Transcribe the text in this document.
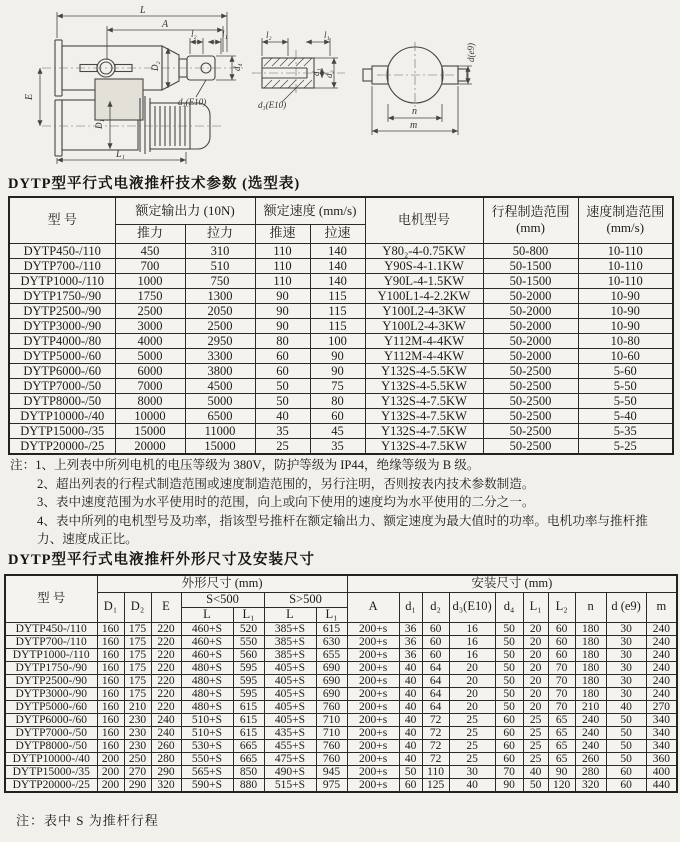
L
A
l₂	l₁
D₂	d₄
d₃(E10)
E
D₁
L₁
l₂	l₁
d₁ d₂
d₃(E10)
n
m
d(e9)
DYTP型平行式电液推杆技术参数 (选型表)
型 号	额定输出力 (10N)		额定速度 (mm/s)		电机型号	行程制造范围 (mm)	速度制造范围 (mm/s)
	推力	拉力	推速	拉速			
DYTP450-/110	450	310	110	140	Y80₂-4-0.75KW	50-800	10-110
DYTP700-/110	700	510	110	140	Y90S-4-1.1KW	50-1500	10-110
DYTP1000-/110	1000	750	110	140	Y90L-4-1.5KW	50-1500	10-110
DYTP1750-/90	1750	1300	90	115	Y100L1-4-2.2KW	50-2000	10-90
DYTP2500-/90	2500	2050	90	115	Y100L2-4-3KW	50-2000	10-90
DYTP3000-/90	3000	2500	90	115	Y100L2-4-3KW	50-2000	10-90
DYTP4000-/80	4000	2950	80	100	Y112M-4-4KW	50-2000	10-80
DYTP5000-/60	5000	3300	60	90	Y112M-4-4KW	50-2000	10-60
DYTP6000-/60	6000	3800	60	90	Y132S-4-5.5KW	50-2500	5-60
DYTP7000-/50	7000	4500	50	75	Y132S-4-5.5KW	50-2500	5-50
DYTP8000-/50	8000	5000	50	80	Y132S-4-7.5KW	50-2500	5-50
DYTP10000-/40	10000	6500	40	60	Y132S-4-7.5KW	50-2500	5-40
DYTP15000-/35	15000	11000	35	45	Y132S-4-7.5KW	50-2500	5-35
DYTP20000-/25	20000	15000	25	35	Y132S-4-7.5KW	50-2500	5-25
注：1、上列表中所列电机的电压等级为 380V，防护等级为 IP44，绝缘等级为 B 级。
2、超出列表的行程式制造范围或速度制造范围的，另行注明，否则按表内技术参数制造。
3、表中速度范围为水平使用时的范围，向上或向下使用的速度均为水平使用的二分之一。
4、表中所列的电机型号及功率，指该型号推杆在额定输出力、额定速度为最大值时的功率。电机功率与推杆推力、速度成正比。
DYTP型平行式电液推杆外形尺寸及安装尺寸
型 号	外形尺寸 (mm)							安装尺寸 (mm)									
	D₁	D₂	E	S<500		S>500		A	d₁	d₂	d₃(E10)	d₄	L₁	L₂	n	d (e9)	m
				L	L₁	L	L₁										
DYTP450-/110	160	175	220	460+S	520	385+S	615	200+s	36	60	16	50	20	60	180	30	240
DYTP700-/110	160	175	220	460+S	550	385+S	630	200+s	36	60	16	50	20	60	180	30	240
DYTP1000-/110	160	175	220	460+S	560	385+S	655	200+s	36	60	16	50	20	60	180	30	240
DYTP1750-/90	160	175	220	480+S	595	405+S	690	200+s	40	64	20	50	20	70	180	30	240
DYTP2500-/90	160	175	220	480+S	595	405+S	690	200+s	40	64	20	50	20	70	180	30	240
DYTP3000-/90	160	175	220	480+S	595	405+S	690	200+s	40	64	20	50	20	70	180	30	240
DYTP5000-/60	160	210	220	480+S	615	405+S	760	200+s	40	64	20	50	20	70	210	40	270
DYTP6000-/60	160	230	240	510+S	615	405+S	710	200+s	40	72	25	60	25	65	240	50	340
DYTP7000-/50	160	230	240	510+S	615	435+S	710	200+s	40	72	25	60	25	65	240	50	340
DYTP8000-/50	160	230	260	530+S	665	455+S	760	200+s	40	72	25	60	25	65	240	50	340
DYTP10000-/40	200	250	280	550+S	665	475+S	760	200+s	40	72	25	60	25	65	260	50	360
DYTP15000-/35	200	270	290	565+S	850	490+S	945	200+s	50	110	30	70	40	90	280	60	400
DYTP20000-/25	200	290	320	590+S	880	515+S	975	200+s	60	125	40	90	50	120	320	60	440
注：表中 S 为推杆行程
